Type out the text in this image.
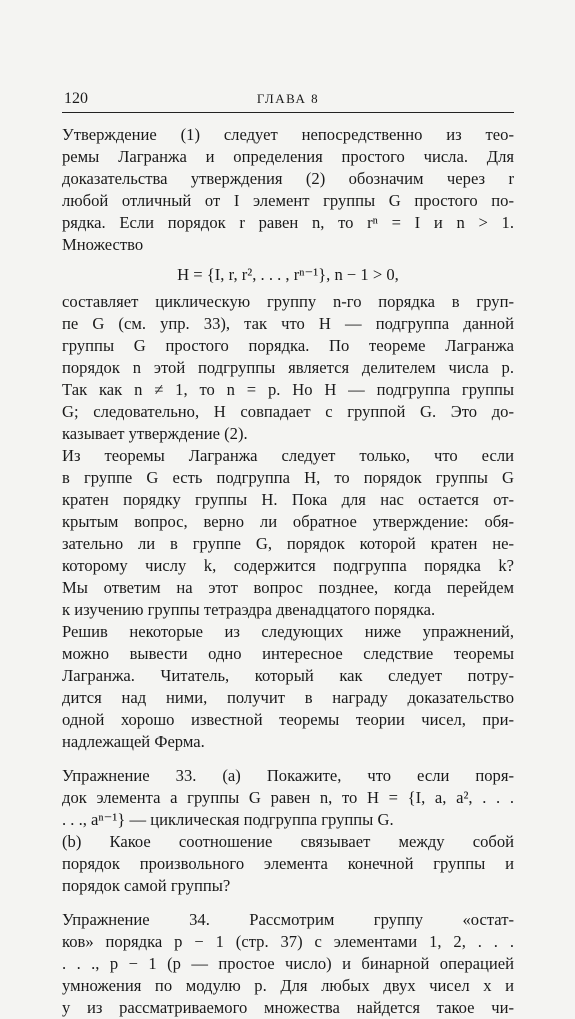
120	ГЛАВА 8
Утверждение (1) следует непосредственно из тео-
ремы Лагранжа и определения простого числа. Для
доказательства утверждения (2) обозначим через r
любой отличный от I элемент группы G простого по-
рядка. Если порядок r равен n, то rⁿ = I и n > 1.
Множество
H = {I, r, r², . . . , rⁿ⁻¹}, n − 1 > 0,
составляет циклическую группу n-го порядка в груп-
пе G (см. упр. 33), так что H — подгруппа данной
группы G простого порядка. По теореме Лагранжа
порядок n этой подгруппы является делителем числа p.
Так как n ≠ 1, то n = p. Но H — подгруппа группы
G; следовательно, H совпадает с группой G. Это до-
казывает утверждение (2).
Из теоремы Лагранжа следует только, что если
в группе G есть подгруппа H, то порядок группы G
кратен порядку группы H. Пока для нас остается от-
крытым вопрос, верно ли обратное утверждение: обя-
зательно ли в группе G, порядок которой кратен не-
которому числу k, содержится подгруппа порядка k?
Мы ответим на этот вопрос позднее, когда перейдем
к изучению группы тетраэдра двенадцатого порядка.
Решив некоторые из следующих ниже упражнений,
можно вывести одно интересное следствие теоремы
Лагранжа. Читатель, который как следует потру-
дится над ними, получит в награду доказательство
одной хорошо известной теоремы теории чисел, при-
надлежащей Ферма.
Упражнение 33. (a) Покажите, что если поря-
док элемента a группы G равен n, то H = {I, a, a², . . .
. . ., aⁿ⁻¹} — циклическая подгруппа группы G.
(b) Какое соотношение связывает между собой
порядок произвольного элемента конечной группы и
порядок самой группы?
Упражнение 34. Рассмотрим группу «остат-
ков» порядка p − 1 (стр. 37) с элементами 1, 2, . . .
. . ., p − 1 (p — простое число) и бинарной операцией
умножения по модулю p. Для любых двух чисел x и
y из рассматриваемого множества найдется такое чи-
